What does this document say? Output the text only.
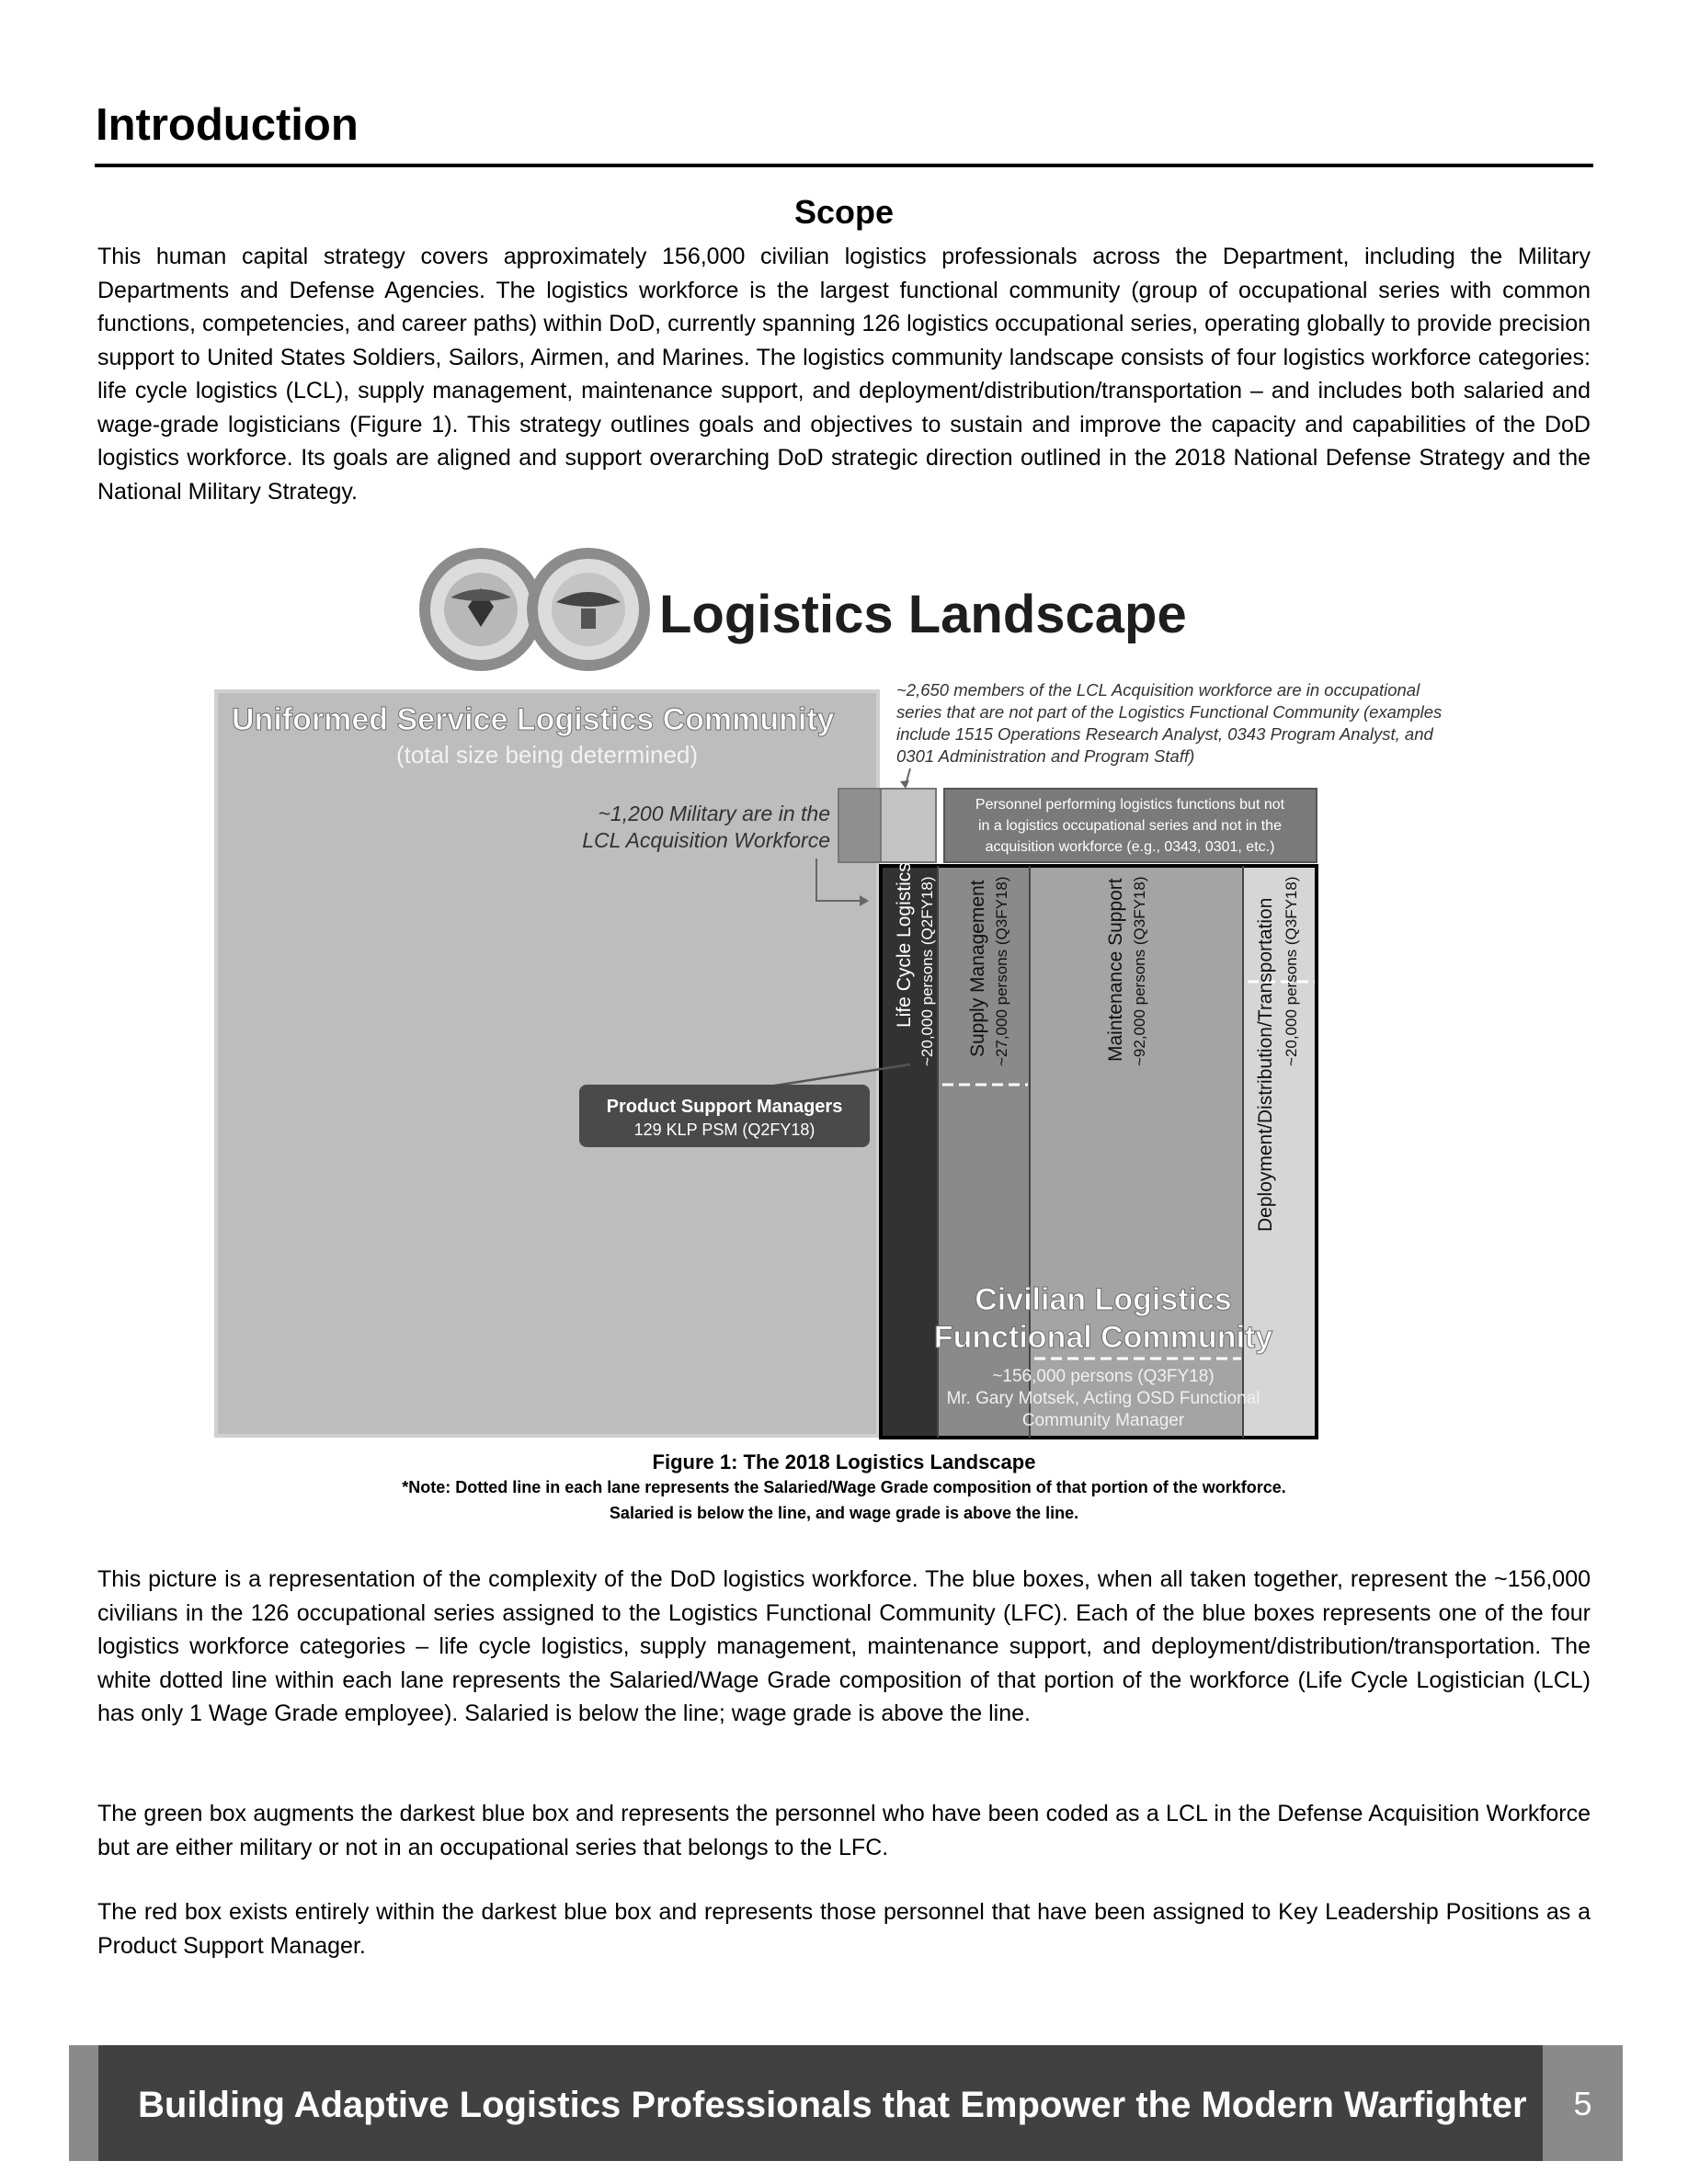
Introduction
Scope
This human capital strategy covers approximately 156,000 civilian logistics professionals across the Department, including the Military Departments and Defense Agencies. The logistics workforce is the largest functional community (group of occupational series with common functions, competencies, and career paths) within DoD, currently spanning 126 logistics occupational series, operating globally to provide precision support to United States Soldiers, Sailors, Airmen, and Marines. The logistics community landscape consists of four logistics workforce categories: life cycle logistics (LCL), supply management, maintenance support, and deployment/distribution/transportation – and includes both salaried and wage-grade logisticians (Figure 1). This strategy outlines goals and objectives to sustain and improve the capacity and capabilities of the DoD logistics workforce. Its goals are aligned and support overarching DoD strategic direction outlined in the 2018 National Defense Strategy and the National Military Strategy.
Logistics Landscape
Uniformed Service Logistics Community
(total size being determined)
~1,200 Military are in the
LCL Acquisition Workforce
~2,650 members of the LCL Acquisition workforce are in occupational
series that are not part of the Logistics Functional Community (examples
include 1515 Operations Research Analyst, 0343 Program Analyst, and
0301 Administration and Program Staff)
Personnel performing logistics functions but not
in a logistics occupational series and not in the
acquisition workforce (e.g., 0343, 0301, etc.)
Life Cycle Logistics ~20,000 persons (Q2FY18) Supply Management ~27,000 persons (Q3FY18)	Maintenance Support ~92,000 persons (Q3FY18)	Deployment/Distribution/Transportation ~20,000 persons (Q3FY18)
Product Support Managers
129 KLP PSM (Q2FY18)
Civilian Logistics
Functional Community
~156,000 persons (Q3FY18)
Mr. Gary Motsek, Acting OSD Functional
Community Manager
Figure 1: The 2018 Logistics Landscape
*Note: Dotted line in each lane represents the Salaried/Wage Grade composition of that portion of the workforce.
Salaried is below the line, and wage grade is above the line.
This picture is a representation of the complexity of the DoD logistics workforce. The blue boxes, when all taken together, represent the ~156,000 civilians in the 126 occupational series assigned to the Logistics Functional Community (LFC). Each of the blue boxes represents one of the four logistics workforce categories – life cycle logistics, supply management, maintenance support, and deployment/distribution/transportation. The white dotted line within each lane represents the Salaried/Wage Grade composition of that portion of the workforce (Life Cycle Logistician (LCL) has only 1 Wage Grade employee). Salaried is below the line; wage grade is above the line.
The green box augments the darkest blue box and represents the personnel who have been coded as a LCL in the Defense Acquisition Workforce but are either military or not in an occupational series that belongs to the LFC.
The red box exists entirely within the darkest blue box and represents those personnel that have been assigned to Key Leadership Positions as a Product Support Manager.
Building Adaptive Logistics Professionals that Empower the Modern Warfighter	5
